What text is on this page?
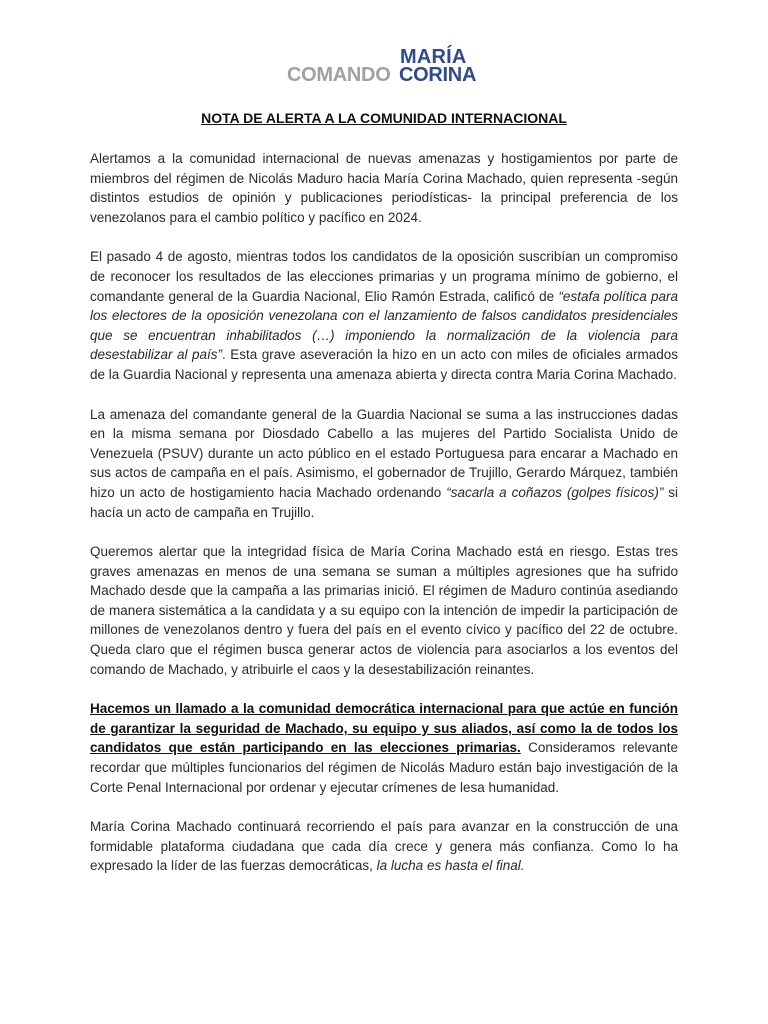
COMANDO
MARÍA
CORINA
NOTA DE ALERTA A LA COMUNIDAD INTERNACIONAL

Alertamos a la comunidad internacional de nuevas amenazas y hostigamientos por parte de miembros del régimen de Nicolás Maduro hacia María Corina Machado, quien representa -según distintos estudios de opinión y publicaciones periodísticas- la principal preferencia de los venezolanos para el cambio político y pacífico en 2024.

El pasado 4 de agosto, mientras todos los candidatos de la oposición suscribían un compromiso de reconocer los resultados de las elecciones primarias y un programa mínimo de gobierno, el comandante general de la Guardia Nacional, Elio Ramón Estrada, calificó de “estafa política para los electores de la oposición venezolana con el lanzamiento de falsos candidatos presidenciales que se encuentran inhabilitados (…) imponiendo la normalización de la violencia para desestabilizar al país”. Esta grave aseveración la hizo en un acto con miles de oficiales armados de la Guardia Nacional y representa una amenaza abierta y directa contra Maria Corina Machado.

La amenaza del comandante general de la Guardia Nacional se suma a las instrucciones dadas en la misma semana por Diosdado Cabello a las mujeres del Partido Socialista Unido de Venezuela (PSUV) durante un acto público en el estado Portuguesa para encarar a Machado en sus actos de campaña en el país. Asimismo, el gobernador de Trujillo, Gerardo Márquez, también hizo un acto de hostigamiento hacia Machado ordenando “sacarla a coñazos (golpes físicos)” si hacía un acto de campaña en Trujillo.

Queremos alertar que la integridad física de María Corina Machado está en riesgo. Estas tres graves amenazas en menos de una semana se suman a múltiples agresiones que ha sufrido Machado desde que la campaña a las primarias inició. El régimen de Maduro continúa asediando de manera sistemática a la candidata y a su equipo con la intención de impedir la participación de millones de venezolanos dentro y fuera del país en el evento cívico y pacífico del 22 de octubre. Queda claro que el régimen busca generar actos de violencia para asociarlos a los eventos del comando de Machado, y atribuirle el caos y la desestabilización reinantes.

Hacemos un llamado a la comunidad democrática internacional para que actúe en función de garantizar la seguridad de Machado, su equipo y sus aliados, así como la de todos los candidatos que están participando en las elecciones primarias. Consideramos relevante recordar que múltiples funcionarios del régimen de Nicolás Maduro están bajo investigación de la Corte Penal Internacional por ordenar y ejecutar crímenes de lesa humanidad.

María Corina Machado continuará recorriendo el país para avanzar en la construcción de una formidable plataforma ciudadana que cada día crece y genera más confianza. Como lo ha expresado la líder de las fuerzas democráticas, la lucha es hasta el final.
